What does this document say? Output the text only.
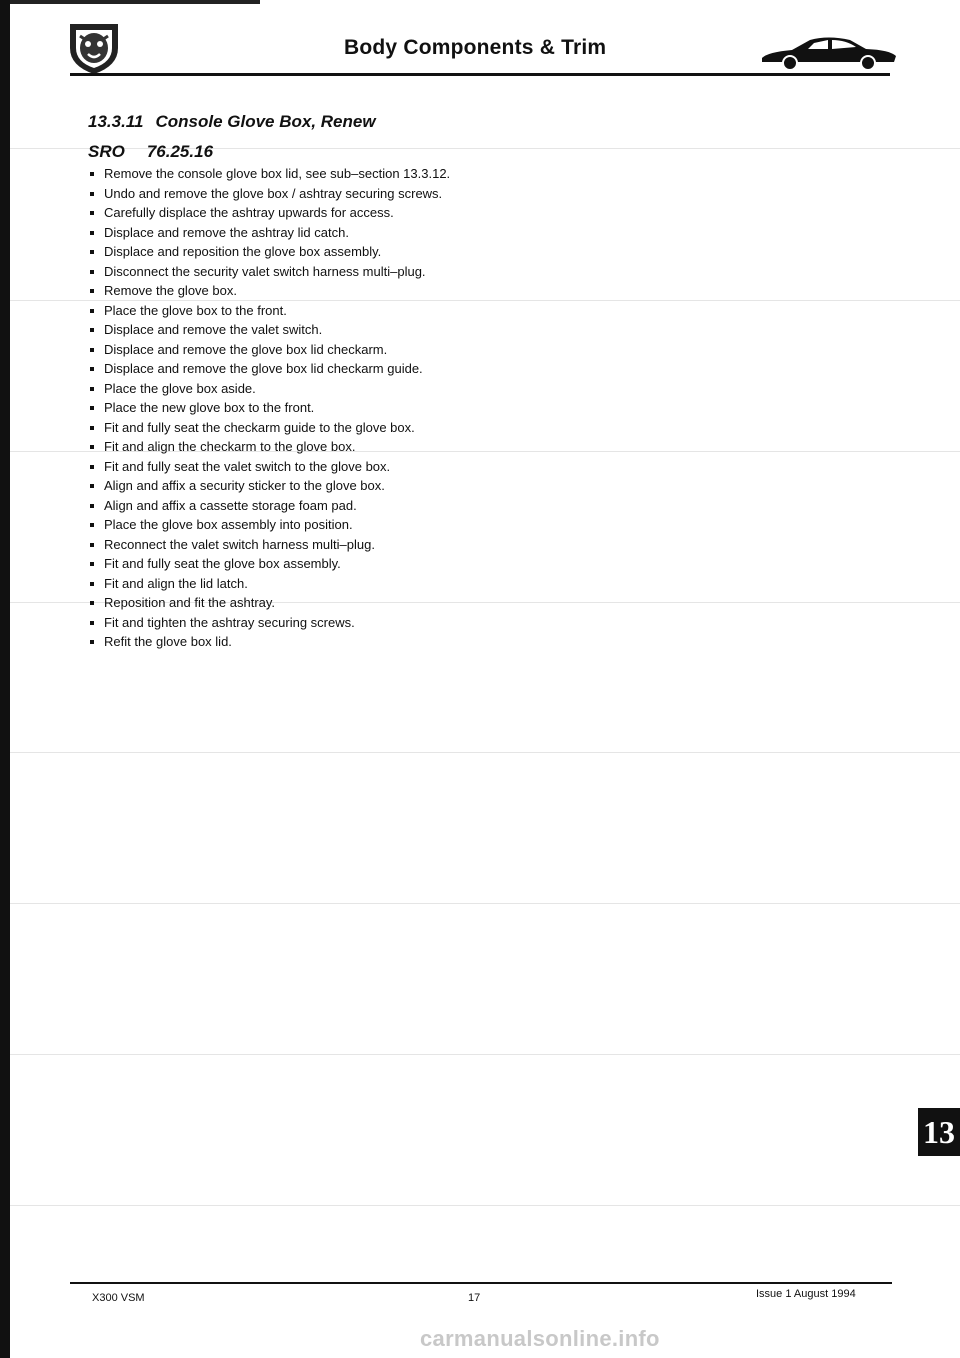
Body Components & Trim
13.3.11 Console Glove Box, Renew
SRO 76.25.16
Remove the console glove box lid, see sub–section 13.3.12.
Undo and remove the glove box / ashtray securing screws.
Carefully displace the ashtray upwards for access.
Displace and remove the ashtray lid catch.
Displace and reposition the glove box assembly.
Disconnect the security valet switch harness multi–plug.
Remove the glove box.
Place the glove box to the front.
Displace and remove the valet switch.
Displace and remove the glove box lid checkarm.
Displace and remove the glove box lid checkarm guide.
Place the glove box aside.
Place the new glove box to the front.
Fit and fully seat the checkarm guide to the glove box.
Fit and align the checkarm to the glove box.
Fit and fully seat the valet switch to the glove box.
Align and affix a security sticker to the glove box.
Align and affix a cassette storage foam pad.
Place the glove box assembly into position.
Reconnect the valet switch harness multi–plug.
Fit and fully seat the glove box assembly.
Fit and align the lid latch.
Reposition and fit the ashtray.
Fit and tighten the ashtray securing screws.
Refit the glove box lid.
13
X300 VSM	17	Issue 1 August 1994
carmanualsonline.info
